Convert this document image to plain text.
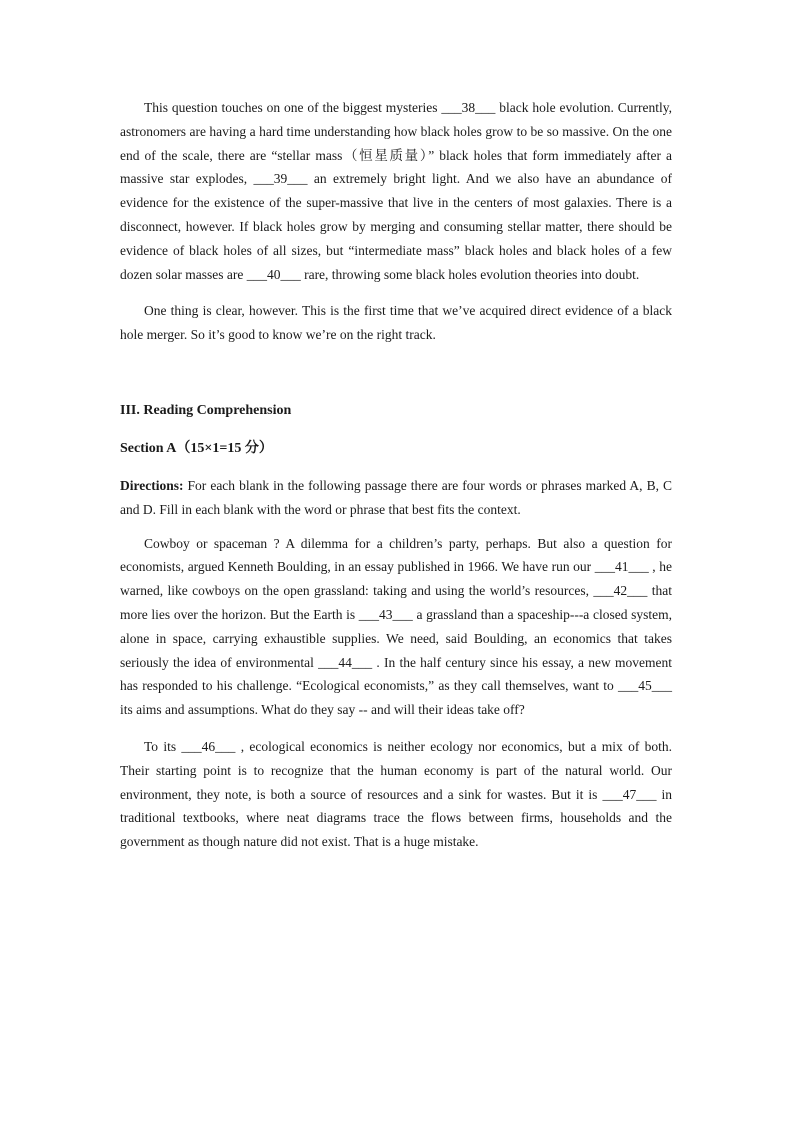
This question touches on one of the biggest mysteries ___38___ black hole evolution. Currently, astronomers are having a hard time understanding how black holes grow to be so massive. On the one end of the scale, there are “stellar mass（恒星质量）” black holes that form immediately after a massive star explodes, ___39___ an extremely bright light. And we also have an abundance of evidence for the existence of the super-massive that live in the centers of most galaxies. There is a disconnect, however. If black holes grow by merging and consuming stellar matter, there should be evidence of black holes of all sizes, but “intermediate mass” black holes and black holes of a few dozen solar masses are ___40___ rare, throwing some black holes evolution theories into doubt.

One thing is clear, however. This is the first time that we’ve acquired direct evidence of a black hole merger. So it’s good to know we’re on the right track.

III. Reading Comprehension

Section A（15×1=15 分）

Directions: For each blank in the following passage there are four words or phrases marked A, B, C and D. Fill in each blank with the word or phrase that best fits the context.

Cowboy or spaceman ? A dilemma for a children’s party, perhaps. But also a question for economists, argued Kenneth Boulding, in an essay published in 1966. We have run our ___41___ , he warned, like cowboys on the open grassland: taking and using the world’s resources, ___42___ that more lies over the horizon. But the Earth is ___43___ a grassland than a spaceship---a closed system, alone in space, carrying exhaustible supplies. We need, said Boulding, an economics that takes seriously the idea of environmental ___44___ . In the half century since his essay, a new movement has responded to his challenge. “Ecological economists,” as they call themselves, want to ___45___ its aims and assumptions. What do they say -- and will their ideas take off?

To its ___46___ , ecological economics is neither ecology nor economics, but a mix of both. Their starting point is to recognize that the human economy is part of the natural world. Our environment, they note, is both a source of resources and a sink for wastes. But it is ___47___ in traditional textbooks, where neat diagrams trace the flows between firms, households and the government as though nature did not exist. That is a huge mistake.
